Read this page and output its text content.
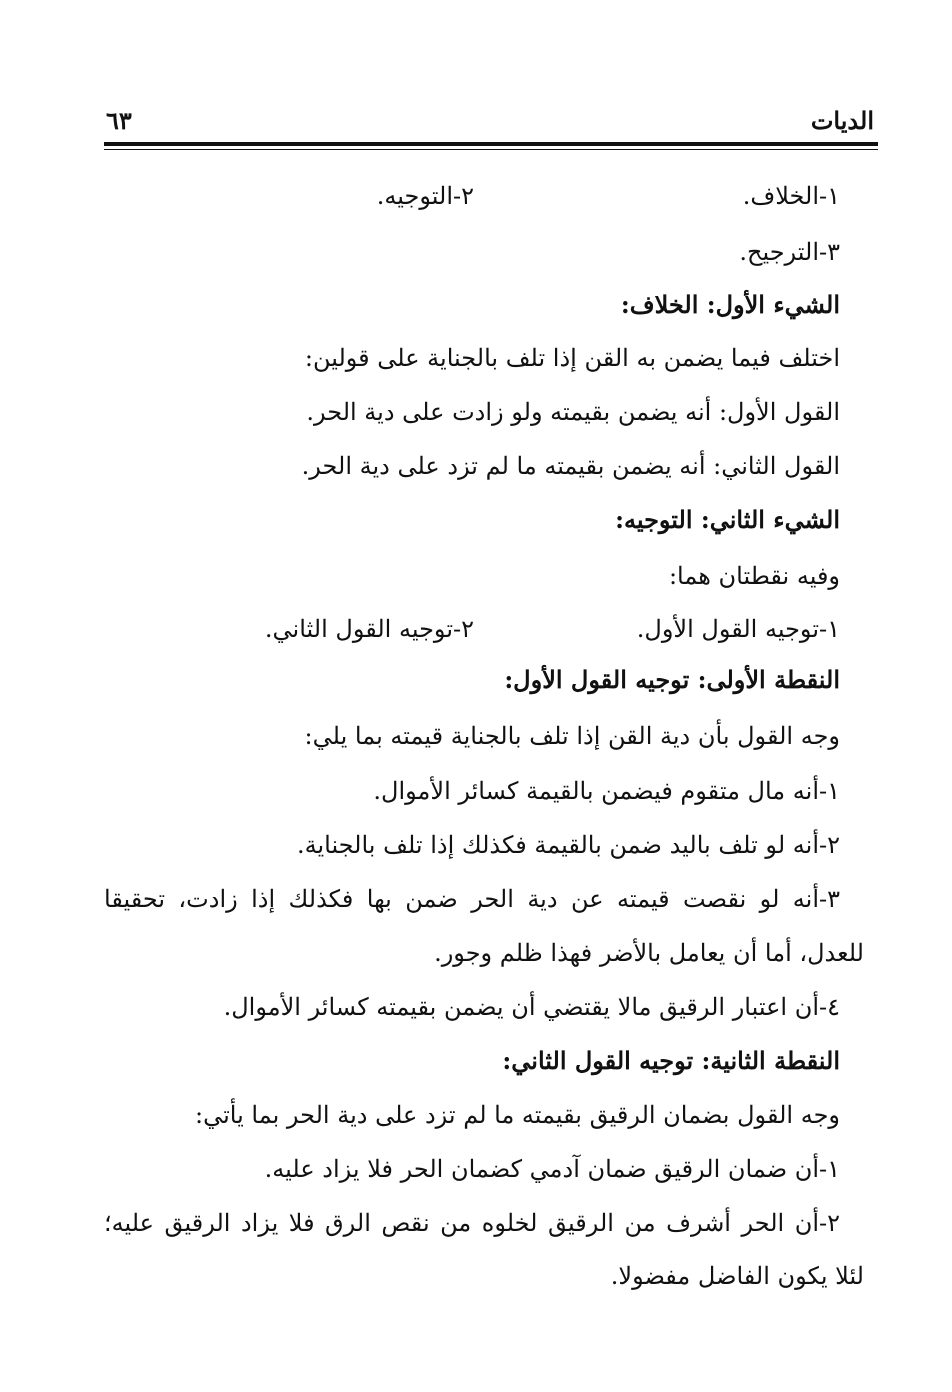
الديات
٦٣
١-الخلاف.
٢-التوجيه.
٣-الترجيح.
الشيء الأول: الخلاف:
اختلف فيما يضمن به القن إذا تلف بالجناية على قولين:
القول الأول: أنه يضمن بقيمته ولو زادت على دية الحر.
القول الثاني: أنه يضمن بقيمته ما لم تزد على دية الحر.
الشيء الثاني: التوجيه:
وفيه نقطتان هما:
١-توجيه القول الأول.
٢-توجيه القول الثاني.
النقطة الأولى: توجيه القول الأول:
وجه القول بأن دية القن إذا تلف بالجناية قيمته بما يلي:
١-أنه مال متقوم فيضمن بالقيمة كسائر الأموال.
٢-أنه لو تلف باليد ضمن بالقيمة فكذلك إذا تلف بالجناية.
٣-أنه لو نقصت قيمته عن دية الحر ضمن بها فكذلك إذا زادت، تحقيقا
للعدل، أما أن يعامل بالأضر فهذا ظلم وجور.
٤-أن اعتبار الرقيق مالا يقتضي أن يضمن بقيمته كسائر الأموال.
النقطة الثانية: توجيه القول الثاني:
وجه القول بضمان الرقيق بقيمته ما لم تزد على دية الحر بما يأتي:
١-أن ضمان الرقيق ضمان آدمي كضمان الحر فلا يزاد عليه.
٢-أن الحر أشرف من الرقيق لخلوه من نقص الرق فلا يزاد الرقيق عليه؛
لئلا يكون الفاضل مفضولا.
